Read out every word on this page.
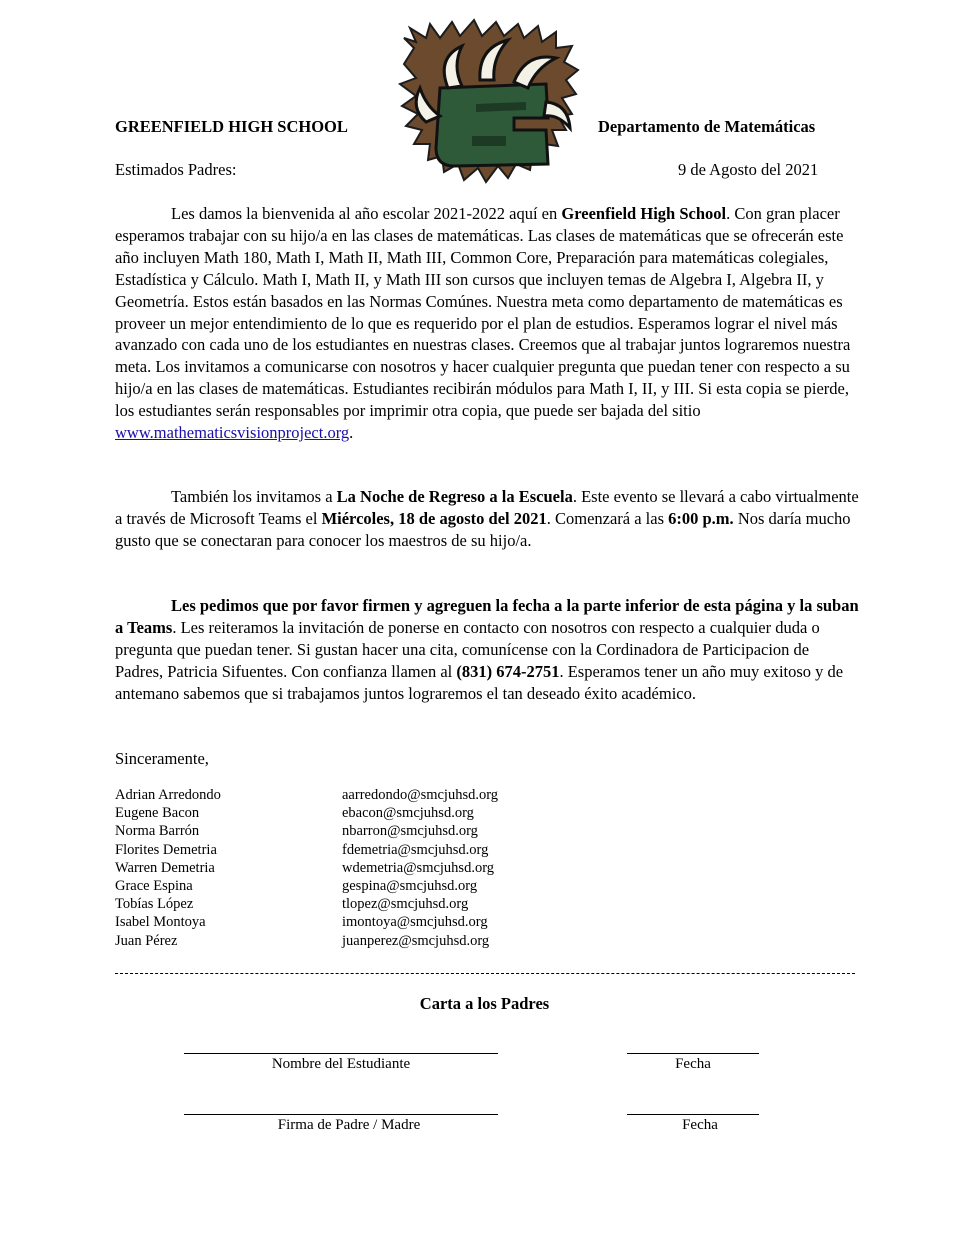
GREENFIELD HIGH SCHOOL	Departamento de Matemáticas
Estimados Padres:	9 de Agosto del 2021
Les damos la bienvenida al año escolar 2021-2022 aquí en Greenfield High School. Con gran placer esperamos trabajar con su hijo/a en las clases de matemáticas. Las clases de matemáticas que se ofrecerán este año incluyen Math 180, Math I, Math II, Math III, Common Core, Preparación para matemáticas colegiales, Estadística y Cálculo. Math I, Math II, y Math III son cursos que incluyen temas de Algebra I, Algebra II, y Geometría. Estos están basados en las Normas Comúnes. Nuestra meta como departamento de matemáticas es proveer un mejor entendimiento de lo que es requerido por el plan de estudios. Esperamos lograr el nivel más avanzado con cada uno de los estudiantes en nuestras clases. Creemos que al trabajar juntos lograremos nuestra meta. Los invitamos a comunicarse con nosotros y hacer cualquier pregunta que puedan tener con respecto a su hijo/a en las clases de matemáticas. Estudiantes recibirán módulos para Math I, II, y III. Si esta copia se pierde, los estudiantes serán responsables por imprimir otra copia, que puede ser bajada del sitio www.mathematicsvisionproject.org.
También los invitamos a La Noche de Regreso a la Escuela. Este evento se llevará a cabo virtualmente a través de Microsoft Teams el Miércoles, 18 de agosto del 2021. Comenzará a las 6:00 p.m. Nos daría mucho gusto que se conectaran para conocer los maestros de su hijo/a.
Les pedimos que por favor firmen y agreguen la fecha a la parte inferior de esta página y la suban a Teams. Les reiteramos la invitación de ponerse en contacto con nosotros con respecto a cualquier duda o pregunta que puedan tener. Si gustan hacer una cita, comunícense con la Cordinadora de Participacion de Padres, Patricia Sifuentes. Con confianza llamen al (831) 674-2751. Esperamos tener un año muy exitoso y de antemano sabemos que si trabajamos juntos lograremos el tan deseado éxito académico.
Sinceramente,
Adrian Arredondo	aarredondo@smcjuhsd.org
Eugene Bacon	ebacon@smcjuhsd.org
Norma Barrón	nbarron@smcjuhsd.org
Florites Demetria	fdemetria@smcjuhsd.org
Warren Demetria	wdemetria@smcjuhsd.org
Grace Espina	gespina@smcjuhsd.org
Tobías López	tlopez@smcjuhsd.org
Isabel Montoya	imontoya@smcjuhsd.org
Juan Pérez	juanperez@smcjuhsd.org
Carta a los Padres
Nombre del Estudiante	Fecha
Firma de Padre / Madre	Fecha
